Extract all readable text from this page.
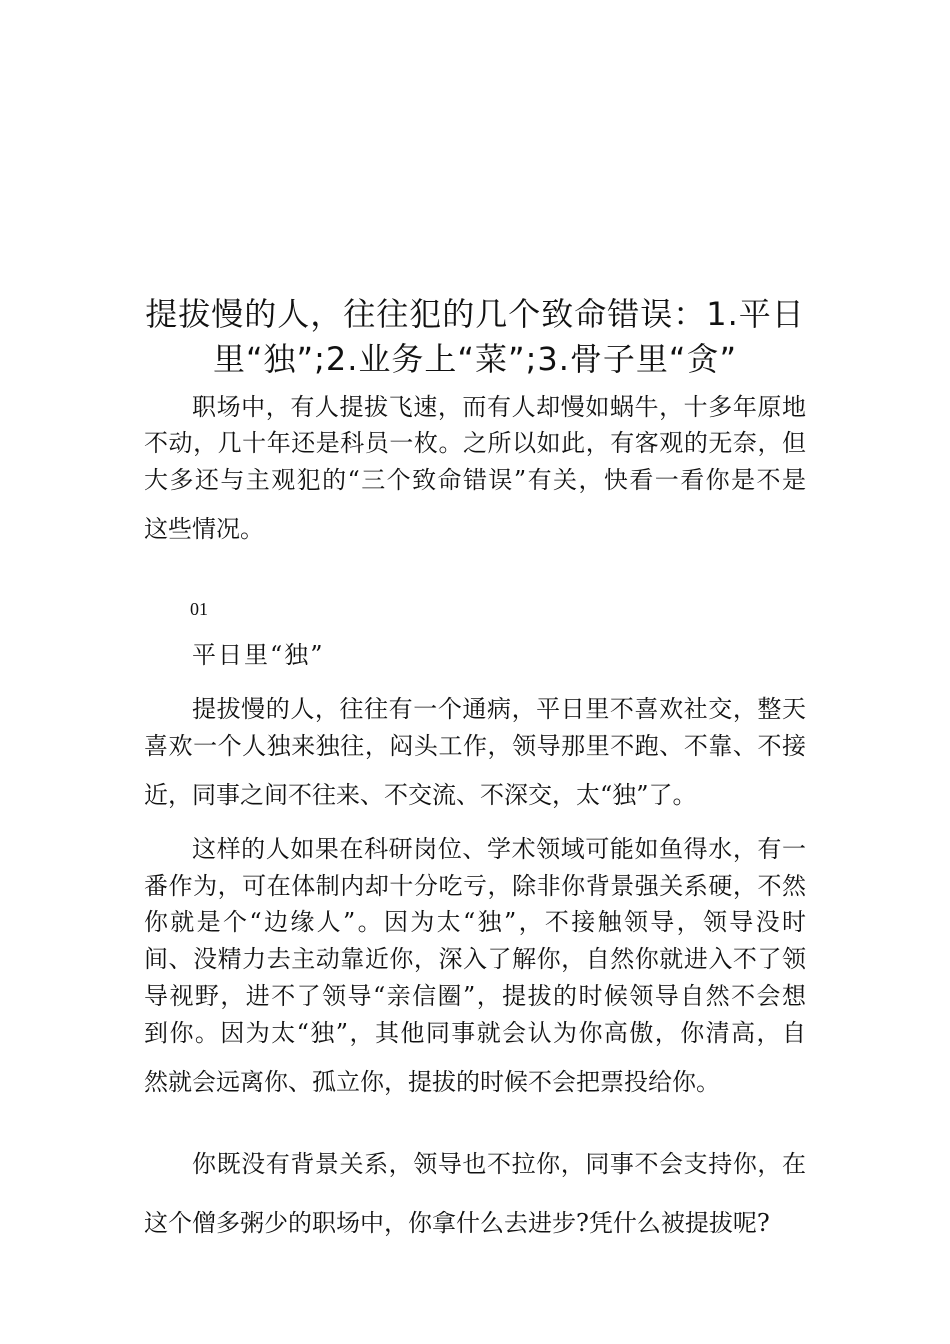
提拔慢的人，往往犯的几个致命错误：1.平日
里“独”;2.业务上“菜”;3.骨子里“贪”

职场中，有人提拔飞速，而有人却慢如蜗牛，十多年原地

不动，几十年还是科员一枚。之所以如此，有客观的无奈，但

大多还与主观犯的“三个致命错误”有关，快看一看你是不是

这些情况。

01

平日里“独”

提拔慢的人，往往有一个通病，平日里不喜欢社交，整天

喜欢一个人独来独往，闷头工作，领导那里不跑、不靠、不接

近，同事之间不往来、不交流、不深交，太“独”了。

这样的人如果在科研岗位、学术领域可能如鱼得水，有一

番作为，可在体制内却十分吃亏，除非你背景强关系硬，不然

你就是个“边缘人”。因为太“独”，不接触领导，领导没时

间、没精力去主动靠近你，深入了解你，自然你就进入不了领

导视野，进不了领导“亲信圈”，提拔的时候领导自然不会想

到你。因为太“独”，其他同事就会认为你高傲，你清高，自

然就会远离你、孤立你，提拔的时候不会把票投给你。

你既没有背景关系，领导也不拉你，同事不会支持你，在

这个僧多粥少的职场中，你拿什么去进步?凭什么被提拔呢?
